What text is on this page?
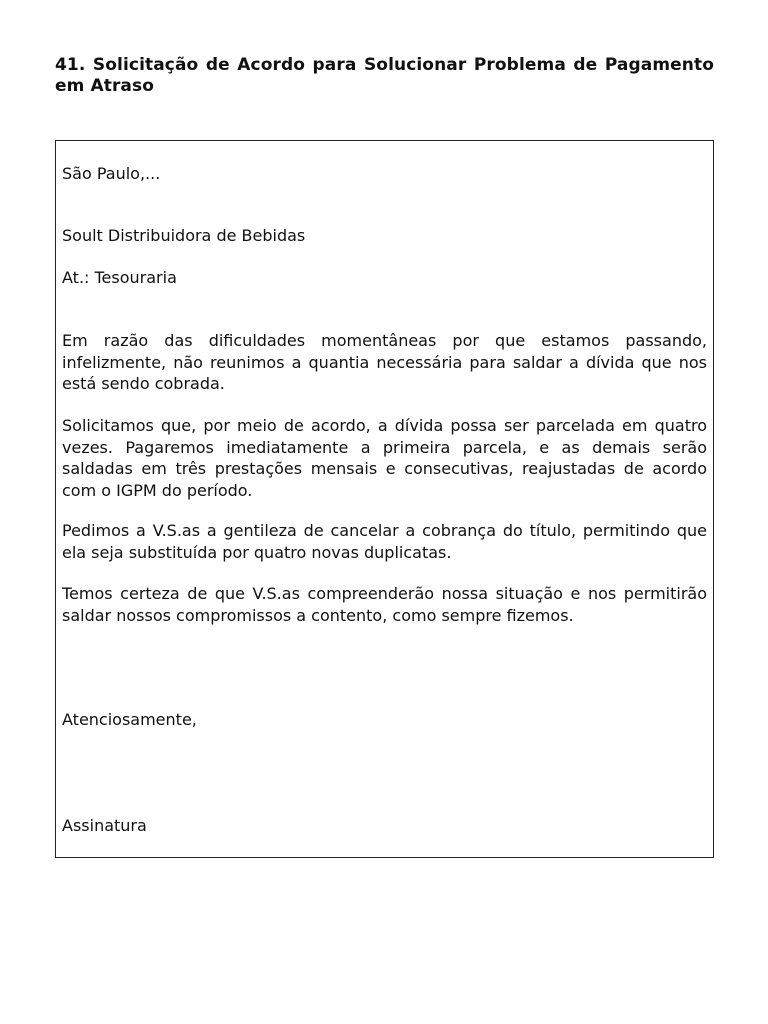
41. Solicitação de Acordo para Solucionar Problema de Pagamento em Atraso

São Paulo,...

Soult Distribuidora de Bebidas

At.: Tesouraria

Em razão das dificuldades momentâneas por que estamos passando, infelizmente, não reunimos a quantia necessária para saldar a dívida que nos está sendo cobrada.

Solicitamos que, por meio de acordo, a dívida possa ser parcelada em quatro vezes. Pagaremos imediatamente a primeira parcela, e as demais serão saldadas em três prestações mensais e consecutivas, reajustadas de acordo com o IGPM do período.

Pedimos a V.S.as a gentileza de cancelar a cobrança do título, permitindo que ela seja substituída por quatro novas duplicatas.

Temos certeza de que V.S.as compreenderão nossa situação e nos permitirão saldar nossos compromissos a contento, como sempre fizemos.

Atenciosamente,

Assinatura
